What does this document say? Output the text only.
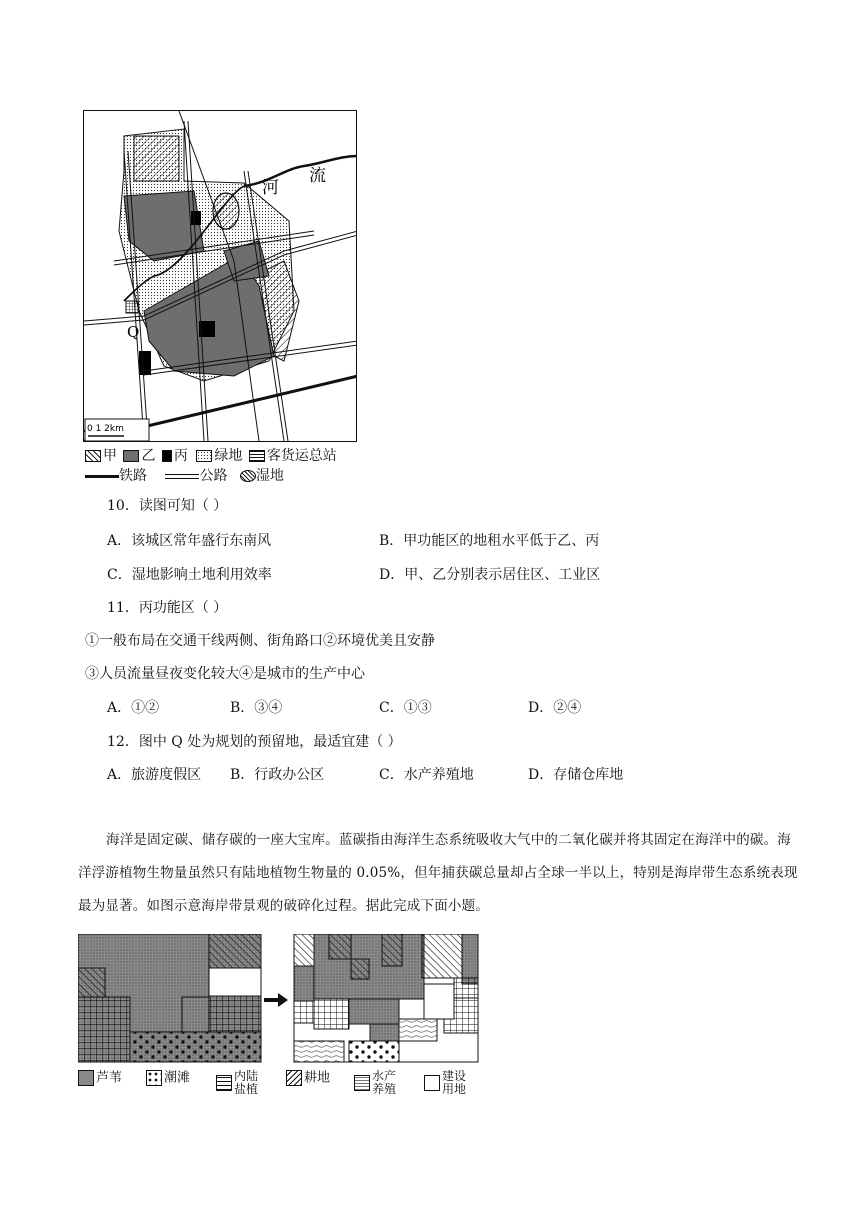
河
流
Q
0 1 2km
甲 乙 丙 绿地 客货运总站
铁路	公路 湿地
10．读图可知（ ）
A．该城区常年盛行东南风	B．甲功能区的地租水平低于乙、丙
C．湿地影响土地利用效率	D．甲、乙分别表示居住区、工业区
11．丙功能区（ ）
①一般布局在交通干线两侧、街角路口②环境优美且安静
③人员流量昼夜变化较大④是城市的生产中心
A．①②	B．③④	C．①③	D．②④
12．图中 Q 处为规划的预留地，最适宜建（ ）
A．旅游度假区 B．行政办公区	C．水产养殖地	D．存储仓库地
海洋是固定碳、储存碳的一座大宝库。蓝碳指由海洋生态系统吸收大气中的二氧化碳并将其固定在海洋中的碳。海洋浮游植物生物量虽然只有陆地植物生物量的 0.05%，但年捕获碳总量却占全球一半以上，特别是海岸带生态系统表现最为显著。如图示意海岸带景观的破碎化过程。据此完成下面小题。
芦苇	潮滩	内陆盐植
耕地	水产养殖
建设用地
